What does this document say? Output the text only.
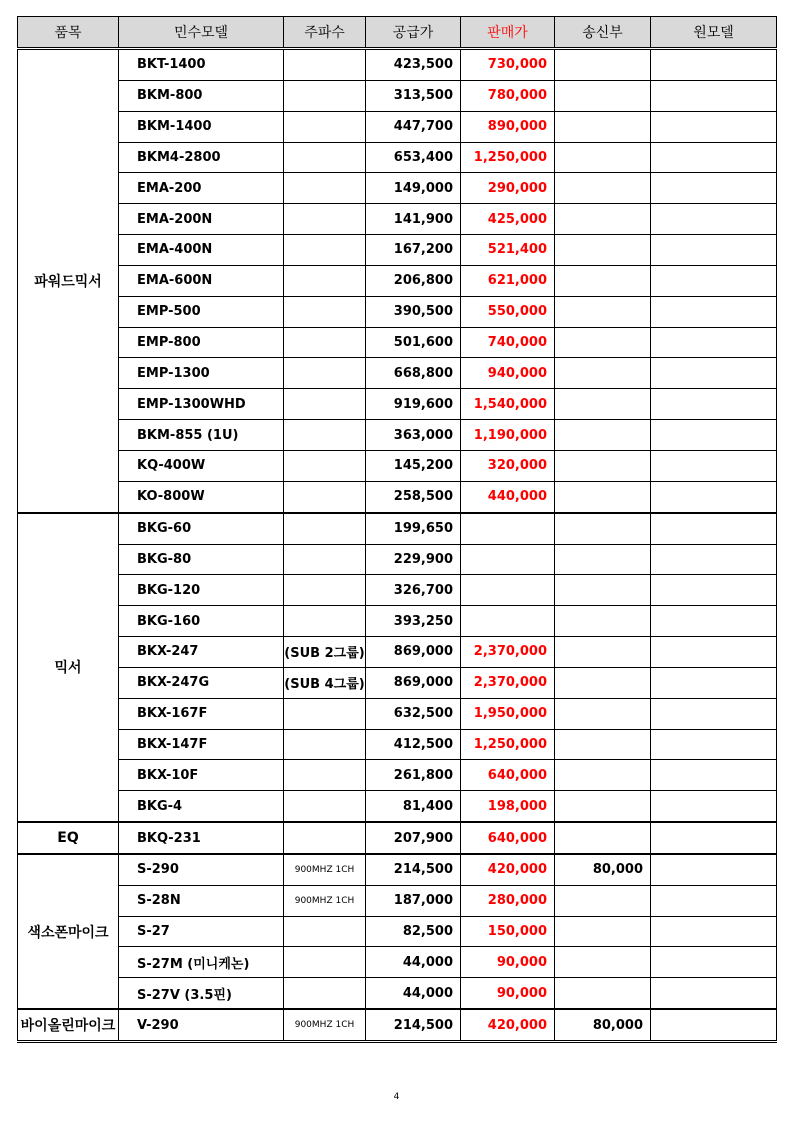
품목	민수모델	주파수	공급가	판매가	송신부	원모델
파워드믹서	BKT-1400		423,500	730,000		
	BKM-800		313,500	780,000		
	BKM-1400		447,700	890,000		
	BKM4-2800		653,400	1,250,000		
	EMA-200		149,000	290,000		
	EMA-200N		141,900	425,000		
	EMA-400N		167,200	521,400		
	EMA-600N		206,800	621,000		
	EMP-500		390,500	550,000		
	EMP-800		501,600	740,000		
	EMP-1300		668,800	940,000		
	EMP-1300WHD		919,600	1,540,000		
	BKM-855 (1U)		363,000	1,190,000		
	KQ-400W		145,200	320,000		
	KO-800W		258,500	440,000		
믹서	BKG-60		199,650			
	BKG-80		229,900			
	BKG-120		326,700			
	BKG-160		393,250			
	BKX-247	(SUB 2그룹)	869,000	2,370,000		
	BKX-247G	(SUB 4그룹)	869,000	2,370,000		
	BKX-167F		632,500	1,950,000		
	BKX-147F		412,500	1,250,000		
	BKX-10F		261,800	640,000		
	BKG-4		81,400	198,000		
EQ	BKQ-231		207,900	640,000		
색소폰마이크	S-290	900MHZ 1CH	214,500	420,000	80,000	
	S-28N	900MHZ 1CH	187,000	280,000		
	S-27		82,500	150,000		
	S-27M (미니케논)		44,000	90,000		
	S-27V (3.5핀)		44,000	90,000		
바이올린마이크	V-290	900MHZ 1CH	214,500	420,000	80,000	
4
